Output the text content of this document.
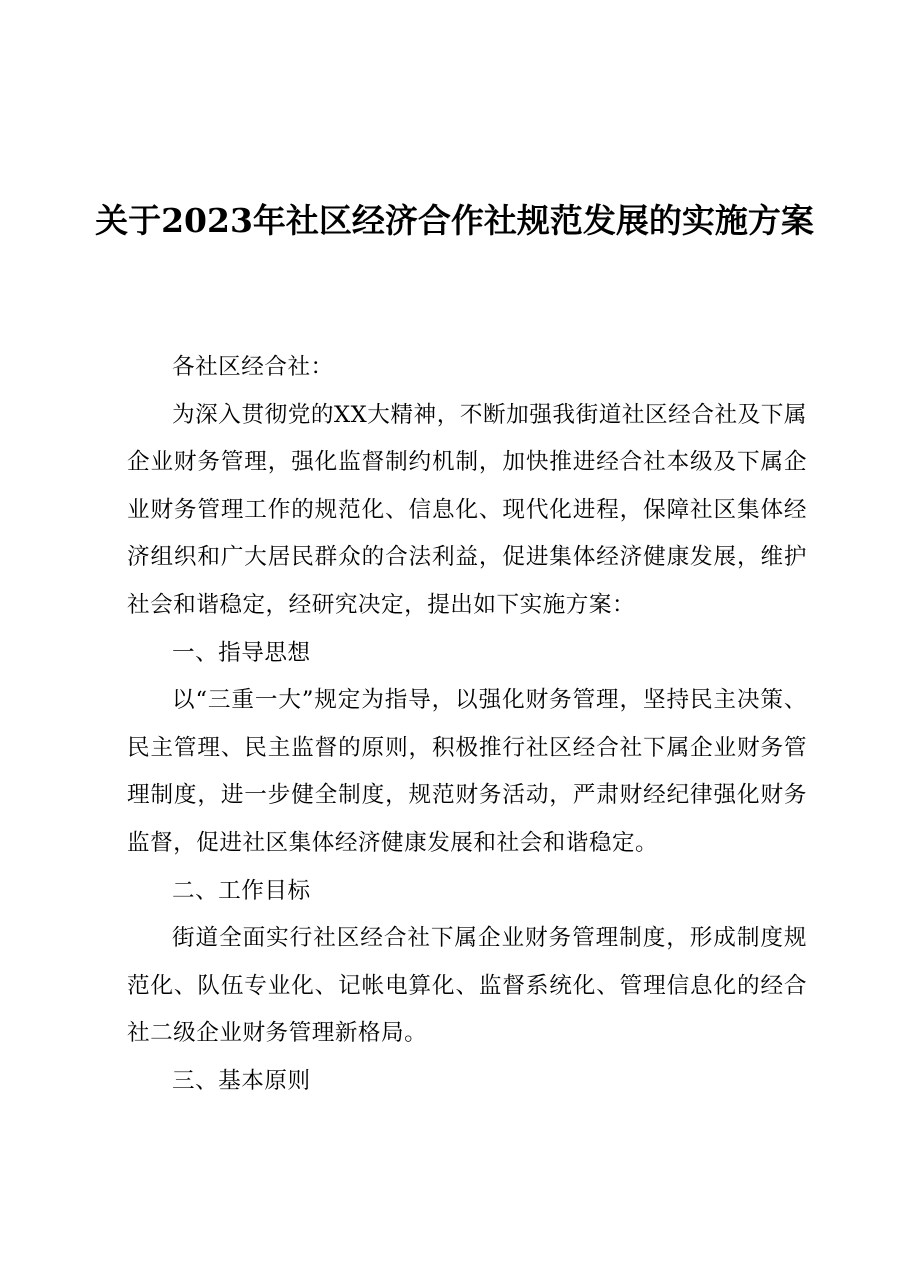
关于2023年社区经济合作社规范发展的实施方案

各社区经合社：

为深入贯彻党的XX大精神，不断加强我街道社区经合社及下属企业财务管理，强化监督制约机制，加快推进经合社本级及下属企业财务管理工作的规范化、信息化、现代化进程，保障社区集体经济组织和广大居民群众的合法利益，促进集体经济健康发展，维护社会和谐稳定，经研究决定，提出如下实施方案：

一、指导思想

以“三重一大”规定为指导，以强化财务管理，坚持民主决策、民主管理、民主监督的原则，积极推行社区经合社下属企业财务管理制度，进一步健全制度，规范财务活动，严肃财经纪律强化财务监督，促进社区集体经济健康发展和社会和谐稳定。

二、工作目标

街道全面实行社区经合社下属企业财务管理制度，形成制度规范化、队伍专业化、记帐电算化、监督系统化、管理信息化的经合社二级企业财务管理新格局。

三、基本原则
